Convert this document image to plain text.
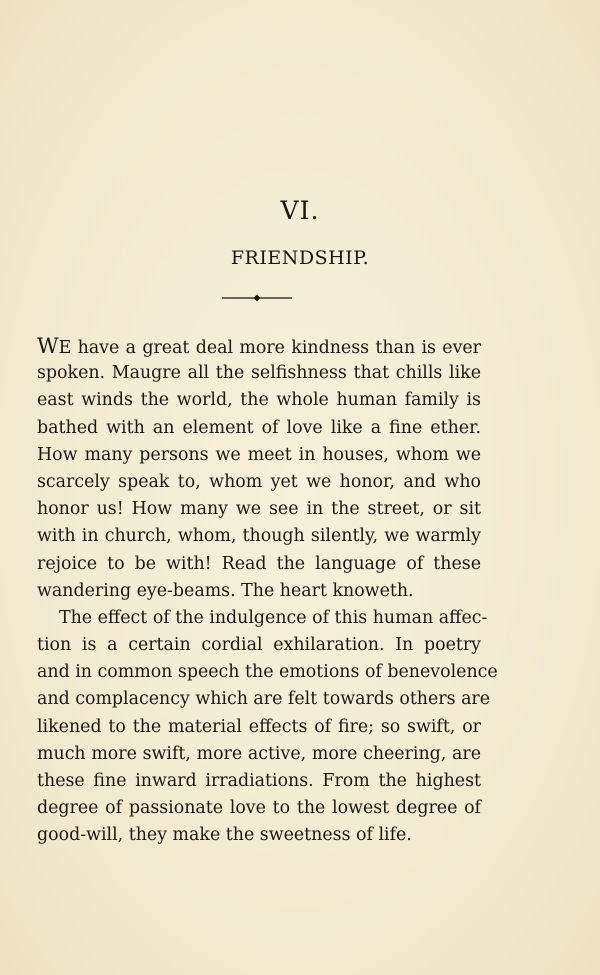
VI.
FRIENDSHIP.
WE have a great deal more kindness than is ever
spoken. Maugre all the selfishness that chills like
east winds the world, the whole human family is
bathed with an element of love like a fine ether.
How many persons we meet in houses, whom we
scarcely speak to, whom yet we honor, and who
honor us! How many we see in the street, or sit
with in church, whom, though silently, we warmly
rejoice to be with! Read the language of these
wandering eye-beams. The heart knoweth.
The effect of the indulgence of this human affec-
tion is a certain cordial exhilaration. In poetry
and in common speech the emotions of benevolence
and complacency which are felt towards others are
likened to the material effects of fire; so swift, or
much more swift, more active, more cheering, are
these fine inward irradiations. From the highest
degree of passionate love to the lowest degree of
good-will, they make the sweetness of life.
